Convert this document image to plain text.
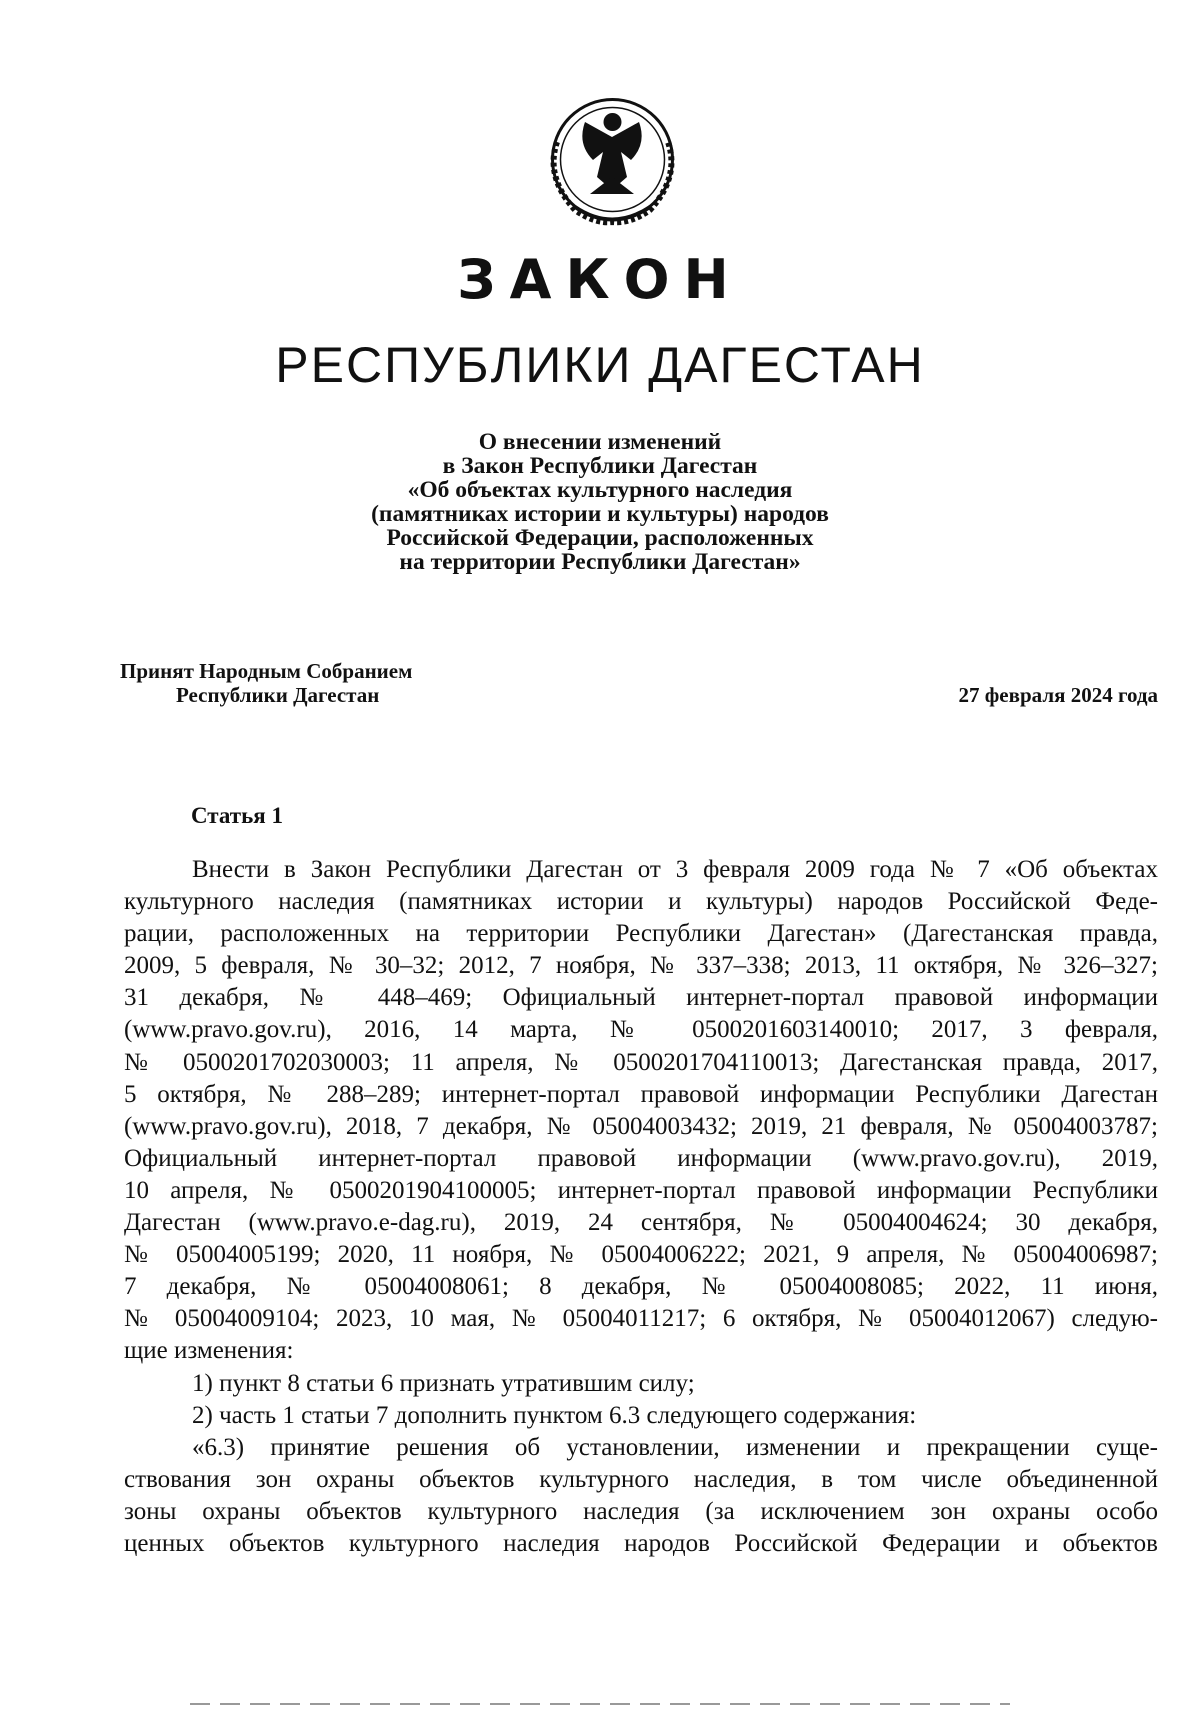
ЗАКОН
РЕСПУБЛИКИ ДАГЕСТАН
О внесении изменений
в Закон Республики Дагестан
«Об объектах культурного наследия
(памятниках истории и культуры) народов
Российской Федерации, расположенных
на территории Республики Дагестан»
Принят Народным Собранием
Республики Дагестан	27 февраля 2024 года
Статья 1
Внести в Закон Республики Дагестан от 3 февраля 2009 года № 7 «Об объектах
культурного наследия (памятниках истории и культуры) народов Российской Феде-
рации, расположенных на территории Республики Дагестан» (Дагестанская правда,
2009, 5 февраля, № 30–32; 2012, 7 ноября, № 337–338; 2013, 11 октября, № 326–327;
31 декабря, № 448–469; Официальный интернет-портал правовой информации
(www.pravo.gov.ru), 2016, 14 марта, № 0500201603140010; 2017, 3 февраля,
№ 0500201702030003; 11 апреля, № 0500201704110013; Дагестанская правда, 2017,
5 октября, № 288–289; интернет-портал правовой информации Республики Дагестан
(www.pravo.gov.ru), 2018, 7 декабря, № 05004003432; 2019, 21 февраля, № 05004003787;
Официальный интернет-портал правовой информации (www.pravo.gov.ru), 2019,
10 апреля, № 0500201904100005; интернет-портал правовой информации Республики
Дагестан (www.pravo.e-dag.ru), 2019, 24 сентября, № 05004004624; 30 декабря,
№ 05004005199; 2020, 11 ноября, № 05004006222; 2021, 9 апреля, № 05004006987;
7 декабря, № 05004008061; 8 декабря, № 05004008085; 2022, 11 июня,
№ 05004009104; 2023, 10 мая, № 05004011217; 6 октября, № 05004012067) следую-
щие изменения:
1) пункт 8 статьи 6 признать утратившим силу;
2) часть 1 статьи 7 дополнить пунктом 6.3 следующего содержания:
«6.3) принятие решения об установлении, изменении и прекращении суще-
ствования зон охраны объектов культурного наследия, в том числе объединенной
зоны охраны объектов культурного наследия (за исключением зон охраны особо
ценных объектов культурного наследия народов Российской Федерации и объектов
